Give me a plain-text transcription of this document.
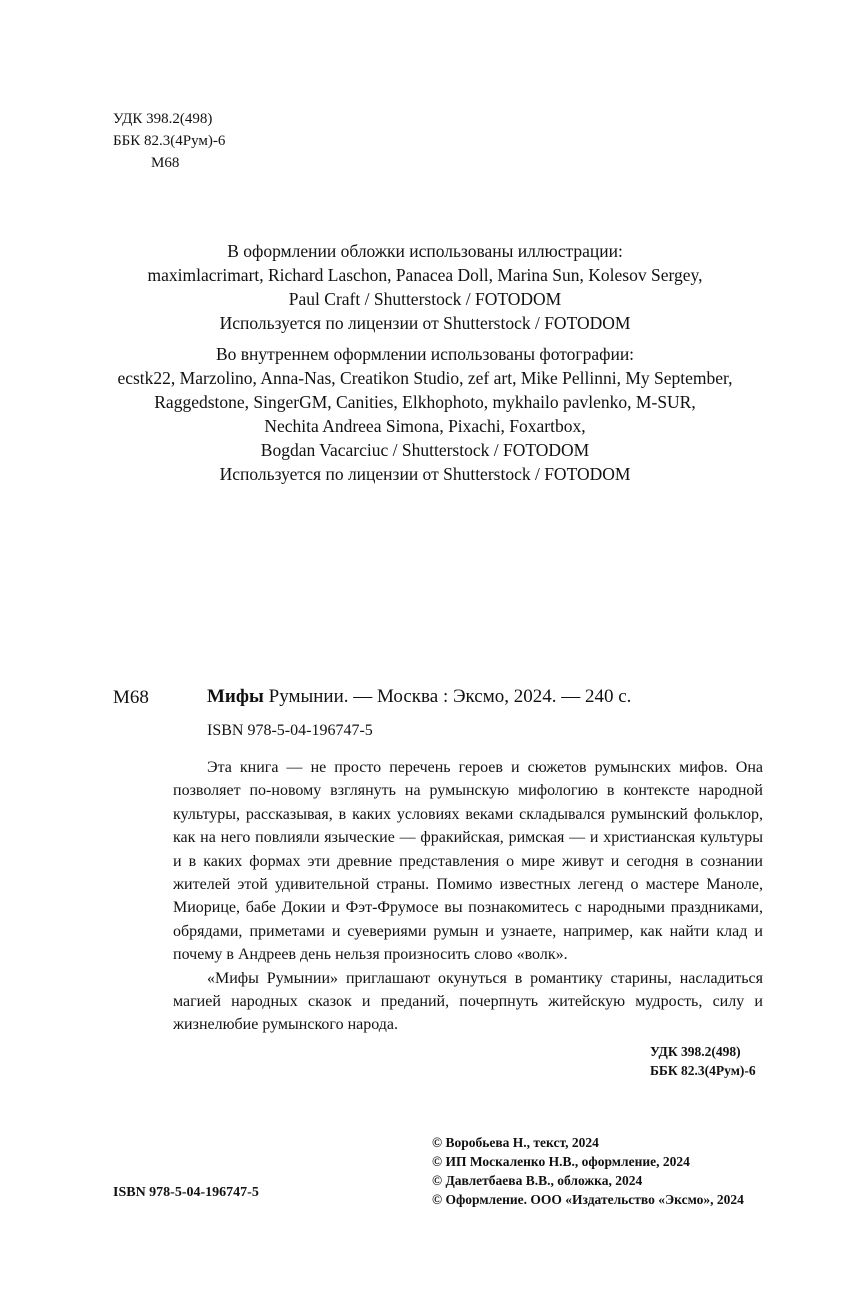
УДК 398.2(498)
ББК 82.3(4Рум)-6
М68
В оформлении обложки использованы иллюстрации:
maximlacrimart, Richard Laschon, Panacea Doll, Marina Sun, Kolesov Sergey,
Paul Craft / Shutterstock / FOTODOM
Используется по лицензии от Shutterstock / FOTODOM
Во внутреннем оформлении использованы фотографии:
ecstk22, Marzolino, Anna-Nas, Creatikon Studio, zef art, Mike Pellinni, My September,
Raggedstone, SingerGM, Canities, Elkhophoto, mykhailo pavlenko, M-SUR,
Nechita Andreea Simona, Pixachi, Foxartbox,
Bogdan Vacarciuc / Shutterstock / FOTODOM
Используется по лицензии от Shutterstock / FOTODOM
М68	Мифы Румынии. — Москва : Эксмо, 2024. — 240 с.
ISBN 978-5-04-196747-5

Эта книга — не просто перечень героев и сюжетов румынских мифов. Она позволяет по-новому взглянуть на румынскую мифологию в контексте народной культуры, рассказывая, в каких условиях веками складывался румынский фольклор, как на него повлияли языческие — фракийская, римская — и христианская культуры и в каких формах эти древние представления о мире живут и сегодня в сознании жителей этой удивительной страны. Помимо известных легенд о мастере Маноле, Миорице, бабе Докии и Фэт-Фрумосе вы познакомитесь с народными праздниками, обрядами, приметами и суевериями румын и узнаете, например, как найти клад и почему в Андреев день нельзя произносить слово «волк».

«Мифы Румынии» приглашают окунуться в романтику старины, насладиться магией народных сказок и преданий, почерпнуть житейскую мудрость, силу и жизнелюбие румынского народа.

УДК 398.2(498)
ББК 82.3(4Рум)-6
ISBN 978-5-04-196747-5
© Воробьева Н., текст, 2024
© ИП Москаленко Н.В., оформление, 2024
© Давлетбаева В.В., обложка, 2024
© Оформление. ООО «Издательство «Эксмо», 2024
